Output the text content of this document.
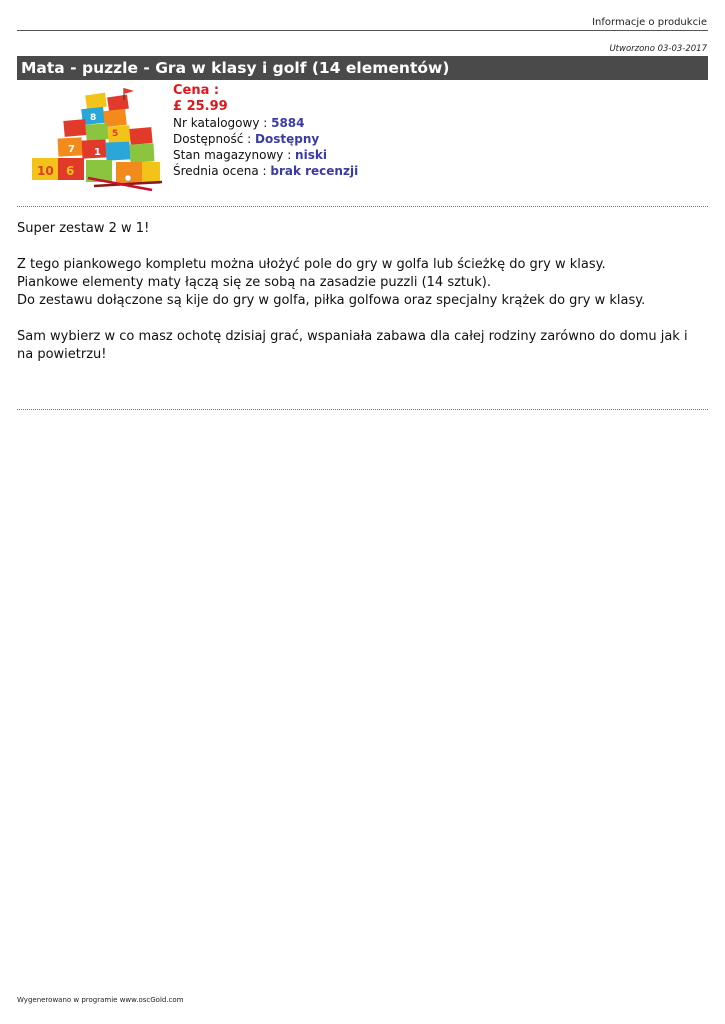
Informacje o produkcie
Utworzono 03-03-2017
Mata - puzzle - Gra w klasy i golf (14 elementów)
10 6
1
7
8
5
Cena :
£ 25.99
Nr katalogowy : 5884
Dostępność : Dostępny
Stan magazynowy : niski
Średnia ocena : brak recenzji

Super zestaw 2 w 1!

Z tego piankowego kompletu można ułożyć pole do gry w golfa lub ścieżkę do gry w klasy.

Piankowe elementy maty łączą się ze sobą na zasadzie puzzli (14 sztuk).

Do zestawu dołączone są kije do gry w golfa, piłka golfowa oraz specjalny krążek do gry w klasy.

Sam wybierz w co masz ochotę dzisiaj grać, wspaniała zabawa dla całej rodziny zarówno do domu jak i na powietrzu!

Wygenerowano w programie www.oscGold.com
